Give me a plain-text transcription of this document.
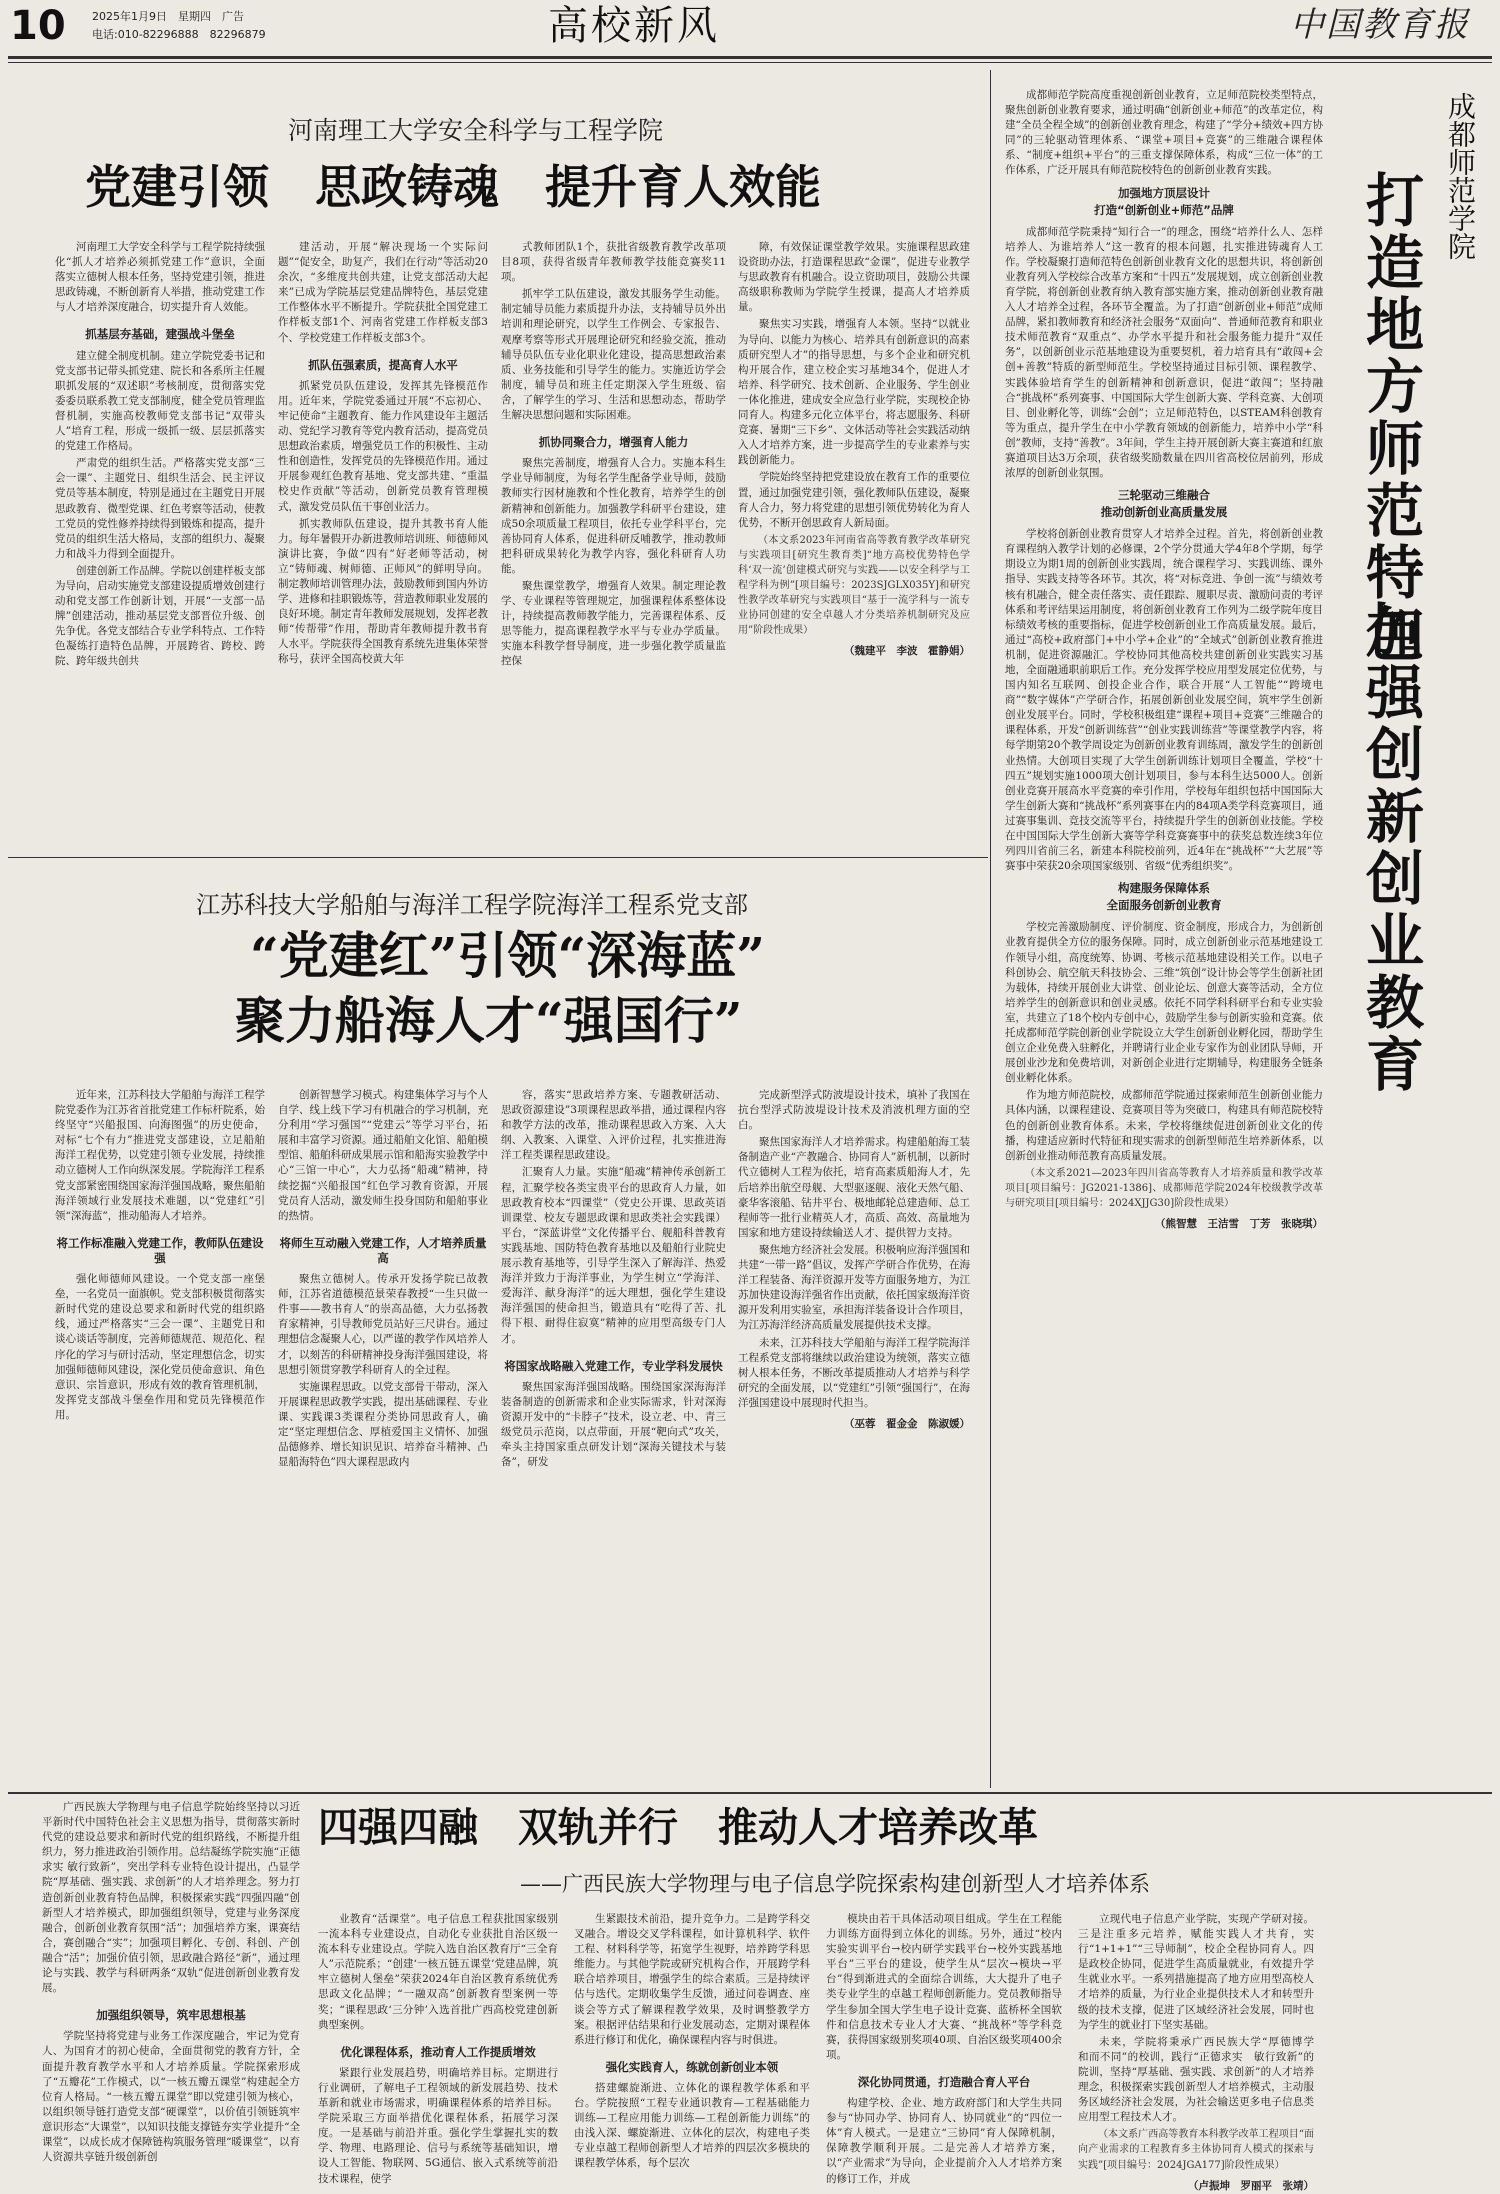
10 2025年1月9日　星期四　广告
电话:010-82296888　82296879	高校新风	中国教育报
河南理工大学安全科学与工程学院
党建引领　思政铸魂　提升育人效能

河南理工大学安全科学与工程学院持续强化“抓人才培养必须抓党建工作”意识，全面落实立德树人根本任务，坚持党建引领，推进思政铸魂，不断创新育人举措，推动党建工作与人才培养深度融合，切实提升育人效能。

抓基层夯基础，建强战斗堡垒

建立健全制度机制。建立学院党委书记和党支部书记带头抓党建、院长和各系所主任履职抓发展的“双述职”考核制度，贯彻落实党委委员联系教工党支部制度，健全党员管理监督机制，实施高校教师党支部书记“双带头人”培育工程，形成一级抓一级、层层抓落实的党建工作格局。

严肃党的组织生活。严格落实党支部“三会一课”、主题党日、组织生活会、民主评议党员等基本制度，特别是通过在主题党日开展思政教育、微型党课、红色考察等活动，使教工党员的党性修养持续得到锻炼和提高，提升党员的组织生活大格局，支部的组织力、凝聚力和战斗力得到全面提升。

创建创新工作品牌。学院以创建样板支部为导向，启动实施党支部建设提质增效创建行动和党支部工作创新计划，开展“一支部一品牌”创建活动，推动基层党支部晋位升级、创先争优。各党支部结合专业学科特点、工作特色凝练打造特色品牌，开展跨省、跨校、跨院、跨年级共创共

建活动，开展“解决现场一个实际问题”“促安全，助复产，我们在行动”等活动20余次，“多维度共创共建，让党支部活动大起来”已成为学院基层党建品牌特色，基层党建工作整体水平不断提升。学院获批全国党建工作样板支部1个、河南省党建工作样板支部3个、学校党建工作样板支部3个。

抓队伍强素质，提高育人水平

抓紧党员队伍建设，发挥其先锋模范作用。近年来，学院党委通过开展“不忘初心、牢记使命”主题教育、能力作风建设年主题活动、党纪学习教育等党内教育活动，提高党员思想政治素质，增强党员工作的积极性、主动性和创造性，发挥党员的先锋模范作用。通过开展参观红色教育基地、党支部共建、“重温校史作贡献”等活动，创新党员教育管理模式，激发党员队伍干事创业活力。

抓实教师队伍建设，提升其教书育人能力。每年暑假开办新进教师培训班、师德师风演讲比赛，争做“四有”好老师等活动，树立“铸师魂、树师德、正师风”的鲜明导向。制定教师培训管理办法，鼓励教师到国内外访学、进修和挂职锻炼等，营造教师职业发展的良好环境。制定青年教师发展规划，发挥老教师“传帮带”作用，帮助青年教师提升教书育人水平。学院获得全国教育系统先进集体荣誉称号，获评全国高校黄大年

式教师团队1个，获批省级教育教学改革项目8项，获得省级青年教师教学技能竞赛奖11项。

抓牢学工队伍建设，激发其服务学生动能。制定辅导员能力素质提升办法，支持辅导员外出培训和理论研究，以学生工作例会、专家报告、观摩考察等形式开展理论研究和经验交流，推动辅导员队伍专业化职业化建设，提高思想政治素质、业务技能和引导学生的能力。实施近访学会制度，辅导员和班主任定期深入学生班级、宿舍，了解学生的学习、生活和思想动态，帮助学生解决思想问题和实际困难。

抓协同聚合力，增强育人能力

聚焦完善制度，增强育人合力。实施本科生学业导师制度，为每名学生配备学业导师，鼓励教师实行因材施教和个性化教育，培养学生的创新精神和创新能力。加强教学科研平台建设，建成50余项质量工程项目，依托专业学科平台，完善协同育人体系，促进科研反哺教学，推动教师把科研成果转化为教学内容，强化科研育人功能。

聚焦课堂教学，增强育人效果。制定理论教学、专业课程等管理规定，加强课程体系整体设计，持续提高教师教学能力，完善课程体系、反思等能力，提高课程教学水平与专业办学质量。实施本科教学督导制度，进一步强化教学质量监控保

障，有效保证课堂教学效果。实施课程思政建设资助办法，打造课程思政“金课”，促进专业教学与思政教育有机融合。设立资助项目，鼓励公共课高级职称教师为学院学生授课，提高人才培养质量。

聚焦实习实践，增强育人本领。坚持“以就业为导向、以能力为核心、培养具有创新意识的高素质研究型人才”的指导思想，与多个企业和研究机构开展合作，建立校企实习基地34个，促进人才培养、科学研究、技术创新、企业服务、学生创业一体化推进，建成安全应急行业学院，实现校企协同育人。构建多元化立体平台，将志愿服务、科研竞赛、暑期“三下乡”、文体活动等社会实践活动纳入人才培养方案，进一步提高学生的专业素养与实践创新能力。

学院始终坚持把党建设放在教育工作的重要位置，通过加强党建引领，强化教师队伍建设，凝聚育人合力，努力将党建的思想引领优势转化为育人优势，不断开创思政育人新局面。

（本文系2023年河南省高等教育教学改革研究与实践项目[研究生教育类]“地方高校优势特色学科‘双一流’创建模式研究与实践——以安全科学与工程学科为例”[项目编号：2023SJGLX035Y]和研究性教学改革研究与实践项目“基于一流学科与一流专业协同创建的安全卓越人才分类培养机制研究及应用”阶段性成果）

（魏建平　李波　霍静娟）

江苏科技大学船舶与海洋工程学院海洋工程系党支部
“党建红”引领“深海蓝”
聚力船海人才“强国行”

近年来，江苏科技大学船舶与海洋工程学院党委作为江苏省首批党建工作标杆院系，始终坚守“兴船报国、向海图强”的历史使命，对标“七个有力”推进党支部建设，立足船舶海洋工程优势，以党建引领专业发展，持续推动立德树人工作向纵深发展。学院海洋工程系党支部紧密围绕国家海洋强国战略，聚焦船舶海洋领域行业发展技术难题，以“党建红”引领“深海蓝”，推动船海人才培养。

将工作标准融入党建工作，教师队伍建设强

强化师德师风建设。一个党支部一座堡垒，一名党员一面旗帜。党支部积极贯彻落实新时代党的建设总要求和新时代党的组织路线，通过严格落实“三会一课”、主题党日和谈心谈话等制度，完善师德规范、规范化、程序化的学习与研讨活动，坚定理想信念，切实加强师德师风建设，深化党员使命意识、角色意识、宗旨意识，形成有效的教育管理机制，发挥党支部战斗堡垒作用和党员先锋模范作用。

创新智慧学习模式。构建集体学习与个人自学、线上线下学习有机融合的学习机制，充分利用“学习强国”“党建云”等学习平台，拓展和丰富学习资源。通过船舶文化馆、船舶模型馆、船舶科研成果展示馆和船海实验教学中心“三馆一中心”，大力弘扬“船魂”精神，持续挖掘“兴船报国”红色学习教育资源，开展党员育人活动，激发师生投身国防和船舶事业的热情。

将师生互动融入党建工作，人才培养质量高

聚焦立德树人。传承开发扬学院已故教师，江苏省道德模范景荣春教授“一生只做一件事——教书育人”的崇高品德，大力弘扬教育家精神，引导教师党员站好三尺讲台。通过理想信念凝聚人心，以严谨的教学作风培养人才，以刻苦的科研精神投身海洋强国建设，将思想引领贯穿教学科研育人的全过程。

实施课程思政。以党支部骨干带动，深入开展课程思政教学实践，提出基础课程、专业课、实践课3类课程分类协同思政育人，确定“坚定理想信念、厚植爱国主义情怀、加强品德修养、增长知识见识、培养奋斗精神、凸显船海特色”四大课程思政内

容，落实“思政培养方案、专题教研活动、思政资源建设”3项课程思政举措，通过课程内容和教学方法的改革，推动课程思政入方案、入大纲、入教案、入课堂、入评价过程，扎实推进海洋工程类课程思政建设。

汇聚育人力量。实施“船魂”精神传承创新工程，汇聚学校各类宝贵平台的思政育人力量，如思政教育校本“四课堂”（党史公开课、思政英语训课堂、校友专题思政课和思政类社会实践课）平台，“深蓝讲堂”文化传播平台、舰船科普教育实践基地、国防特色教育基地以及船舶行业院史展示教育基地等，引导学生深入了解海洋、热爱海洋并致力于海洋事业，为学生树立“学海洋、爱海洋、献身海洋”的远大理想，强化学生建设海洋强国的使命担当，锻造具有“吃得了苦、扎得下根、耐得住寂寞”精神的应用型高级专门人才。

将国家战略融入党建工作，专业学科发展快

聚焦国家海洋强国战略。围绕国家深海海洋装备制造的创新需求和企业实际需求，针对深海资源开发中的“卡脖子”技术，设立老、中、青三级党员示范岗，以点带面，开展“靶向式”攻关，牵头主持国家重点研发计划“深海关键技术与装备”，研发

完成新型浮式防波堤设计技术，填补了我国在抗台型浮式防波堤设计技术及消波机理方面的空白。

聚焦国家海洋人才培养需求。构建船舶海工装备制造产业“产教融合、协同育人”新机制，以新时代立德树人工程为依托，培育高素质船海人才，先后培养出航空母舰、大型驱逐舰、液化天然气船、豪华客滚船、钻井平台、极地邮轮总建造师、总工程师等一批行业精英人才，高质、高效、高量地为国家和地方建设持续输送人才、提供智力支持。

聚焦地方经济社会发展。积极响应海洋强国和共建“一带一路”倡议，发挥产学研合作优势，在海洋工程装备、海洋资源开发等方面服务地方，为江苏加快建设海洋强省作出贡献，依托国家级海洋资源开发利用实验室，承担海洋装备设计合作项目，为江苏海洋经济高质量发展提供技术支撑。

未来，江苏科技大学船舶与海洋工程学院海洋工程系党支部将继续以政治建设为统领，落实立德树人根本任务，不断改革提质推动人才培养与科学研究的全面发展，以“党建红”引领“强国行”，在海洋强国建设中展现时代担当。

（巫蓉　翟金金　陈淑媛）

成都师范学院
打造地方师范特色
加强创新创业教育

成都师范学院高度重视创新创业教育，立足师范院校类型特点，聚焦创新创业教育要求，通过明确“创新创业+师范”的改革定位，构建“全员全程全域”的创新创业教育理念，构建了“学分+绩效+四方协同”的三轮驱动管理体系、“课堂+项目+竞赛”的三维融合课程体系、“制度+组织+平台”的三重支撑保障体系，构成“三位一体”的工作体系，广泛开展具有师范院校特色的创新创业教育实践。

加强地方顶层设计
打造“创新创业+师范”品牌

成都师范学院秉持“知行合一”的理念，围绕“培养什么人、怎样培养人、为谁培养人”这一教育的根本问题，扎实推进铸魂育人工作。学校凝聚打造师范特色创新创业教育文化的思想共识，将创新创业教育列入学校综合改革方案和“十四五”发展规划，成立创新创业教育学院，将创新创业教育纳入教育部实施方案，推动创新创业教育融入人才培养全过程，各环节全覆盖。为了打造“创新创业+师范”成师品牌，紧扣教师教育和经济社会服务“双面向”、普通师范教育和职业技术师范教育“双重点”、办学水平提升和社会服务能力提升“双任务”，以创新创业示范基地建设为重要契机，着力培育具有“敢闯+会创+善教”特质的新型师范生。学校坚持通过目标引领、课程教学、实践体验培育学生的创新精神和创新意识，促进“敢闯”；坚持融合“挑战杯”系列赛事、中国国际大学生创新大赛、学科竞赛、大创项目、创业孵化等，训练“会创”；立足师范特色，以STEAM科创教育等为重点，提升学生在中小学教育领域的创新能力，培养中小学“科创”教师，支持“善教”。3年间，学生主持开展创新大赛主赛道和红旅赛道项目达3万余项，获省级奖励数量在四川省高校位居前列，形成浓厚的创新创业氛围。

三轮驱动三维融合
推动创新创业高质量发展

学校将创新创业教育贯穿人才培养全过程。首先，将创新创业教育课程纳入教学计划的必修课，2个学分贯通大学4年8个学期，每学期设立为期1周的创新创业实践周，统合课程学习、实践训练、课外指导、实践支持等各环节。其次，将“对标竞进、争创一流”与绩效考核有机融合，健全责任落实、责任跟踪、履职尽责、激励问责的考评体系和考评结果运用制度，将创新创业教育工作列为二级学院年度目标绩效考核的重要指标，促进学校创新创业工作高质量发展。最后，通过“高校+政府部门+中小学+企业”的“全域式”创新创业教育推进机制，促进资源融汇。学校协同其他高校共建创新创业实践实习基地，全面融通职前职后工作。充分发挥学校应用型发展定位优势，与国内知名互联网、创投企业合作，联合开展“人工智能”“跨境电商”“数字媒体”产学研合作，拓展创新创业发展空间，筑牢学生创新创业发展平台。同时，学校积极组建“课程+项目+竞赛”三维融合的课程体系，开发“创新训练营”“创业实践训练营”等课堂教学内容，将每学期第20个教学周设定为创新创业教育训练周，激发学生的创新创业热情。大创项目实现了大学生创新训练计划项目全覆盖，学校“十四五”规划实施1000项大创计划项目，参与本科生达5000人。创新创业竞赛开展高水平竞赛的牵引作用，学校每年组织包括中国国际大学生创新大赛和“挑战杯”系列赛事在内的84项A类学科竞赛项目，通过赛事集训、竞技交流等平台，持续提升学生的创新创业技能。学校在中国国际大学生创新大赛等学科竞赛赛事中的获奖总数连续3年位列四川省前三名，新建本科院校前列，近4年在“挑战杯”“大艺展”等赛事中荣获20余项国家级别、省级“优秀组织奖”。

构建服务保障体系
全面服务创新创业教育

学校完善激励制度、评价制度、资金制度，形成合力，为创新创业教育提供全方位的服务保障。同时，成立创新创业示范基地建设工作领导小组，高度统筹、协调、考核示范基地建设相关工作。以电子科创协会、航空航天科技协会、三维“筑创”设计协会等学生创新社团为载体，持续开展创业大讲堂、创业论坛、创意大赛等活动，全方位培养学生的创新意识和创业灵感。依托不同学科科研平台和专业实验室，共建立了18个校内专创中心，鼓励学生参与创新实验和竞赛。依托成都师范学院创新创业学院设立大学生创新创业孵化园，帮助学生创立企业免费入驻孵化，并聘请行业企业专家作为创业团队导师，开展创业沙龙和免费培训，对新创企业进行定期辅导，构建服务全链条创业孵化体系。

作为地方师范院校，成都师范学院通过探索师范生创新创业能力具体内涵，以课程建设、竞赛项目等为突破口，构建具有师范院校特色的创新创业教育体系。未来，学校将继续促进创新创业文化的传播，构建适应新时代特征和现实需求的创新型师范生培养新体系，以创新创业推动师范教育高质量发展。

（本文系2021—2023年四川省高等教育人才培养质量和教学改革项目[项目编号：JG2021-1386]、成都师范学院2024年校级教学改革与研究项目[项目编号：2024XJJG30]阶段性成果）

（熊智慧　王洁雪　丁芳　张晓琪）

广西民族大学物理与电子信息学院始终坚持以习近平新时代中国特色社会主义思想为指导，贯彻落实新时代党的建设总要求和新时代党的组织路线，不断提升组织力，努力推进政治引领作用。总结凝练学院实施“正德求实 敏行致新”，突出学科专业特色设计提出，凸显学院“厚基础、强实践、求创新”的人才培养理念。努力打造创新创业教育特色品牌，积极探索实践“四强四融”创新型人才培养模式，即加强组织领导，党建与业务深度融合，创新创业教育氛围“活”；加强培养方案，课赛结合，赛创融合“实”；加强项目孵化、专创、科创、产创融合“活”；加强价值引领，思政融合路径“新”，通过理论与实践、教学与科研两条“双轨”促进创新创业教育发展。

加强组织领导，筑牢思想根基

学院坚持将党建与业务工作深度融合，牢记为党育人、为国育才的初心使命，全面贯彻党的教育方针，全面提升教育教学水平和人才培养质量。学院探索形成了“五瓣花”工作模式，以“一核五瓣五课堂”构建起全方位育人格局。“一核五瓣五课堂”即以党建引领为核心，以组织领导链打造党支部“硬课堂”，以价值引领链筑牢意识形态“大课堂”，以知识技能支撑链夯实学业提升“全课堂”，以成长成才保障链构筑服务管理“暖课堂”，以育人资源共享链升级创新创

四强四融　双轨并行　推动人才培养改革
——广西民族大学物理与电子信息学院探索构建创新型人才培养体系

业教育“活课堂”。电子信息工程获批国家级别一流本科专业建设点，自动化专业获批自治区级一流本科专业建设点。学院入选自治区教育厅“三全育人”示范院系；“创建‘一核五链五课堂’党建品牌，筑牢立德树人堡垒”荣获2024年自治区教育系统优秀思政文化品牌；“一融双高”创新教育型案例一等奖；“课程思政‘三分钟’入选首批广西高校党建创新典型案例。

优化课程体系，推动育人工作提质增效

紧跟行业发展趋势，明确培养目标。定期进行行业调研，了解电子工程领域的新发展趋势、技术革新和就业市场需求，明确课程体系的培养目标。学院采取三方面举措优化课程体系，拓展学习深度。一是基础与前沿并重。强化学生掌握扎实的数学、物理、电路理论、信号与系统等基础知识，增设人工智能、物联网、5G通信、嵌入式系统等前沿技术课程，使学

生紧跟技术前沿，提升竞争力。二是跨学科交叉融合。增设交叉学科课程，如计算机科学、软件工程、材料科学等，拓宽学生视野，培养跨学科思维能力。与其他学院或研究机构合作，开展跨学科联合培养项目，增强学生的综合素质。三是持续评估与迭代。定期收集学生反馈，通过问卷调查、座谈会等方式了解课程教学效果，及时调整教学方案。根据评估结果和行业发展动态，定期对课程体系进行修订和优化，确保课程内容与时俱进。

强化实践育人，练就创新创业本领

搭建螺旋渐进、立体化的课程教学体系和平台。学院按照“工程专业通识教育—工程基础能力训练—工程应用能力训练—工程创新能力训练”的由浅入深、螺旋渐进、立体化的层次，构建电子类专业卓越工程师创新型人才培养的四层次多模块的课程教学体系，每个层次

模块由若干具体活动项目组成。学生在工程能力训练方面得到立体化的训练。另外，通过“校内实验实训平台→校内研学实践平台→校外实践基地平台”三平台的建设，使学生从“层次→模块→平台”得到渐进式的全面综合训练，大大提升了电子类专业学生的卓越工程师创新能力。党员教师指导学生参加全国大学生电子设计竞赛、蓝桥杯全国软件和信息技术专业人才大赛、“挑战杯”等学科竞赛，获得国家级别奖项40项、自治区级奖项400余项。

深化协同贯通，打造融合育人平台

构建学校、企业、地方政府部门和大学生共同参与“协同办学、协同育人、协同就业”的“四位一体”育人模式。一是建立“三协同”育人保障机制，保障教学顺利开展。二是完善人才培养方案，以“产业需求”为导向，企业提前介入人才培养方案的修订工作，并成

立现代电子信息产业学院，实现产学研对接。三是注重多元培养，赋能实践人才共育，实行“1+1+1”“三导师制”，校企全程协同育人。四是政校企协同，促进学生高质量就业，有效提升学生就业水平。一系列措施提高了地方应用型高校人才培养的质量，为行业企业提供技术人才和转型升级的技术支撑，促进了区域经济社会发展，同时也为学生的就业打下坚实基础。

未来，学院将秉承广西民族大学“厚德博学　和而不同”的校训，践行“正德求实　敏行致新”的院训，坚持“厚基础、强实践、求创新”的人才培养理念，积极探索实践创新型人才培养模式，主动服务区域经济社会发展，为社会输送更多电子信息类应用型工程技术人才。

（本文系广西高等教育本科教学改革工程项目“面向产业需求的工程教育多主体协同育人模式的探索与实践”[项目编号：2024JGA177]阶段性成果）

（卢振坤　罗丽平　张靖）
